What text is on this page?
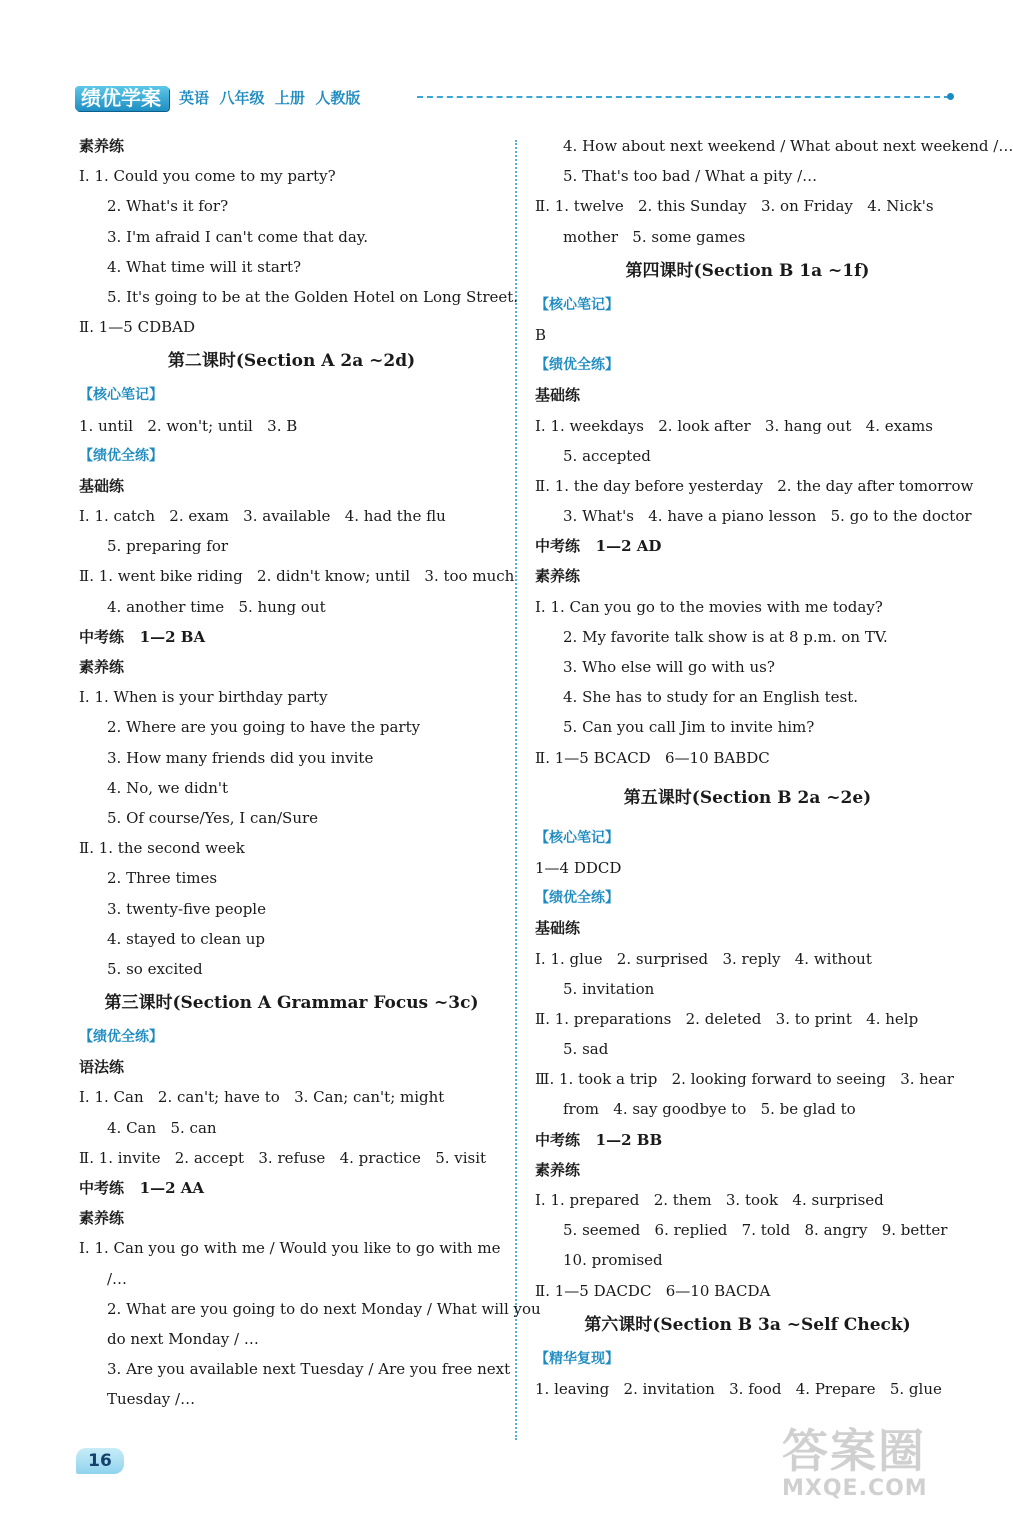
绩优学案	英语  八年级  上册  人教版
素养练
Ⅰ. 1. Could you come to my party?
2. What's it for?
3. I'm afraid I can't come that day.
4. What time will it start?
5. It's going to be at the Golden Hotel on Long Street.
Ⅱ. 1—5 CDBAD
第二课时(Section A 2a ~2d)
【核心笔记】
1. until   2. won't; until   3. B
【绩优全练】
基础练
Ⅰ. 1. catch   2. exam   3. available   4. had the flu
5. preparing for
Ⅱ. 1. went bike riding   2. didn't know; until   3. too much
4. another time   5. hung out
中考练   1—2 BA
素养练
Ⅰ. 1. When is your birthday party
2. Where are you going to have the party
3. How many friends did you invite
4. No, we didn't
5. Of course/Yes, I can/Sure
Ⅱ. 1. the second week
2. Three times
3. twenty-five people
4. stayed to clean up
5. so excited
第三课时(Section A Grammar Focus ~3c)
【绩优全练】
语法练
Ⅰ. 1. Can   2. can't; have to   3. Can; can't; might
4. Can   5. can
Ⅱ. 1. invite   2. accept   3. refuse   4. practice   5. visit
中考练   1—2 AA
素养练
Ⅰ. 1. Can you go with me / Would you like to go with me
/…
2. What are you going to do next Monday / What will you
do next Monday / …
3. Are you available next Tuesday / Are you free next
Tuesday /…
4. How about next weekend / What about next weekend /…
5. That's too bad / What a pity /…
Ⅱ. 1. twelve   2. this Sunday   3. on Friday   4. Nick's
mother   5. some games
第四课时(Section B 1a ~1f)
【核心笔记】
B
【绩优全练】
基础练
Ⅰ. 1. weekdays   2. look after   3. hang out   4. exams
5. accepted
Ⅱ. 1. the day before yesterday   2. the day after tomorrow
3. What's   4. have a piano lesson   5. go to the doctor
中考练   1—2 AD
素养练
Ⅰ. 1. Can you go to the movies with me today?
2. My favorite talk show is at 8 p.m. on TV.
3. Who else will go with us?
4. She has to study for an English test.
5. Can you call Jim to invite him?
Ⅱ. 1—5 BCACD   6—10 BABDC
第五课时(Section B 2a ~2e)
【核心笔记】
1—4 DDCD
【绩优全练】
基础练
Ⅰ. 1. glue   2. surprised   3. reply   4. without
5. invitation
Ⅱ. 1. preparations   2. deleted   3. to print   4. help
5. sad
Ⅲ. 1. took a trip   2. looking forward to seeing   3. hear
from   4. say goodbye to   5. be glad to
中考练   1—2 BB
素养练
Ⅰ. 1. prepared   2. them   3. took   4. surprised
5. seemed   6. replied   7. told   8. angry   9. better
10. promised
Ⅱ. 1—5 DACDC   6—10 BACDA
第六课时(Section B 3a ~Self Check)
【精华复现】
1. leaving   2. invitation   3. food   4. Prepare   5. glue
16	答案圈
MXQE.COM
